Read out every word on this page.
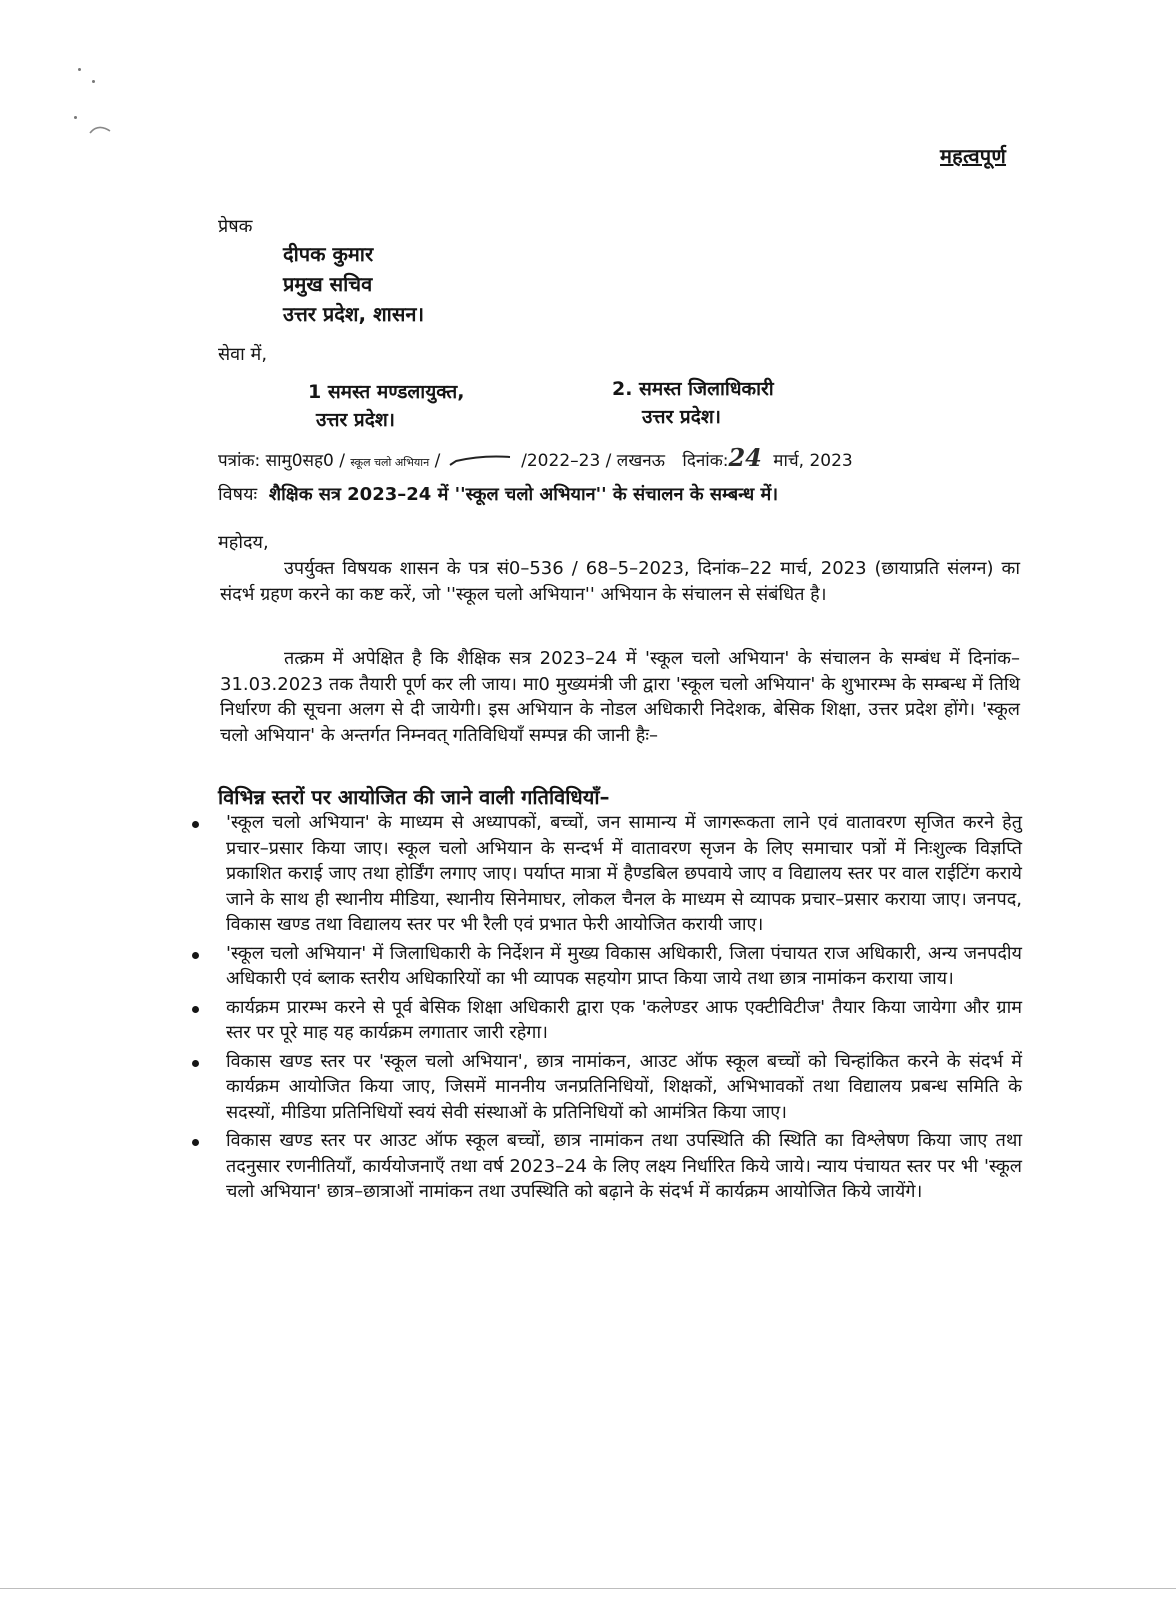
महत्वपूर्ण
प्रेषक
दीपक कुमार
प्रमुख सचिव
उत्तर प्रदेश, शासन।
सेवा में,
1 समस्त मण्डलायुक्त,
उत्तर प्रदेश।
2. समस्त जिलाधिकारी
उत्तर प्रदेश।
पत्रांक: सामु0सह0 / स्कूल चलो अभियान /	/2022–23 / लखनऊ दिनांक:24 मार्च, 2023
विषयः शैक्षिक सत्र 2023–24 में ''स्कूल चलो अभियान'' के संचालन के सम्बन्ध में।
महोदय,
उपर्युक्त विषयक शासन के पत्र सं0–536 / 68–5–2023, दिनांक–22 मार्च, 2023 (छायाप्रति संलग्न) का संदर्भ ग्रहण करने का कष्ट करें, जो ''स्कूल चलो अभियान'' अभियान के संचालन से संबंधित है।
तत्क्रम में अपेक्षित है कि शैक्षिक सत्र 2023–24 में 'स्कूल चलो अभियान' के संचालन के सम्बंध में दिनांक–31.03.2023 तक तैयारी पूर्ण कर ली जाय। मा0 मुख्यमंत्री जी द्वारा 'स्कूल चलो अभियान' के शुभारम्भ के सम्बन्ध में तिथि निर्धारण की सूचना अलग से दी जायेगी। इस अभियान के नोडल अधिकारी निदेशक, बेसिक शिक्षा, उत्तर प्रदेश होंगे। 'स्कूल चलो अभियान' के अन्तर्गत निम्नवत् गतिविधियाँ सम्पन्न की जानी हैः–
विभिन्न स्तरों पर आयोजित की जाने वाली गतिविधियाँ–
'स्कूल चलो अभियान' के माध्यम से अध्यापकों, बच्चों, जन सामान्य में जागरूकता लाने एवं वातावरण सृजित करने हेतु प्रचार–प्रसार किया जाए। स्कूल चलो अभियान के सन्दर्भ में वातावरण सृजन के लिए समाचार पत्रों में निःशुल्क विज्ञप्ति प्रकाशित कराई जाए तथा होर्डिंग लगाए जाए। पर्याप्त मात्रा में हैण्डबिल छपवाये जाए व विद्यालय स्तर पर वाल राईटिंग कराये जाने के साथ ही स्थानीय मीडिया, स्थानीय सिनेमाघर, लोकल चैनल के माध्यम से व्यापक प्रचार–प्रसार कराया जाए। जनपद, विकास खण्ड तथा विद्यालय स्तर पर भी रैली एवं प्रभात फेरी आयोजित करायी जाए।
'स्कूल चलो अभियान' में जिलाधिकारी के निर्देशन में मुख्य विकास अधिकारी, जिला पंचायत राज अधिकारी, अन्य जनपदीय अधिकारी एवं ब्लाक स्तरीय अधिकारियों का भी व्यापक सहयोग प्राप्त किया जाये तथा छात्र नामांकन कराया जाय।
कार्यक्रम प्रारम्भ करने से पूर्व बेसिक शिक्षा अधिकारी द्वारा एक 'कलेण्डर आफ एक्टीविटीज' तैयार किया जायेगा और ग्राम स्तर पर पूरे माह यह कार्यक्रम लगातार जारी रहेगा।
विकास खण्ड स्तर पर 'स्कूल चलो अभियान', छात्र नामांकन, आउट ऑफ स्कूल बच्चों को चिन्हांकित करने के संदर्भ में कार्यक्रम आयोजित किया जाए, जिसमें माननीय जनप्रतिनिधियों, शिक्षकों, अभिभावकों तथा विद्यालय प्रबन्ध समिति के सदस्यों, मीडिया प्रतिनिधियों स्वयं सेवी संस्थाओं के प्रतिनिधियों को आमंत्रित किया जाए।
विकास खण्ड स्तर पर आउट ऑफ स्कूल बच्चों, छात्र नामांकन तथा उपस्थिति की स्थिति का विश्लेषण किया जाए तथा तदनुसार रणनीतियाँ, कार्ययोजनाएँ तथा वर्ष 2023–24 के लिए लक्ष्य निर्धारित किये जाये। न्याय पंचायत स्तर पर भी 'स्कूल चलो अभियान' छात्र–छात्राओं नामांकन तथा उपस्थिति को बढ़ाने के संदर्भ में कार्यक्रम आयोजित किये जायेंगे।
